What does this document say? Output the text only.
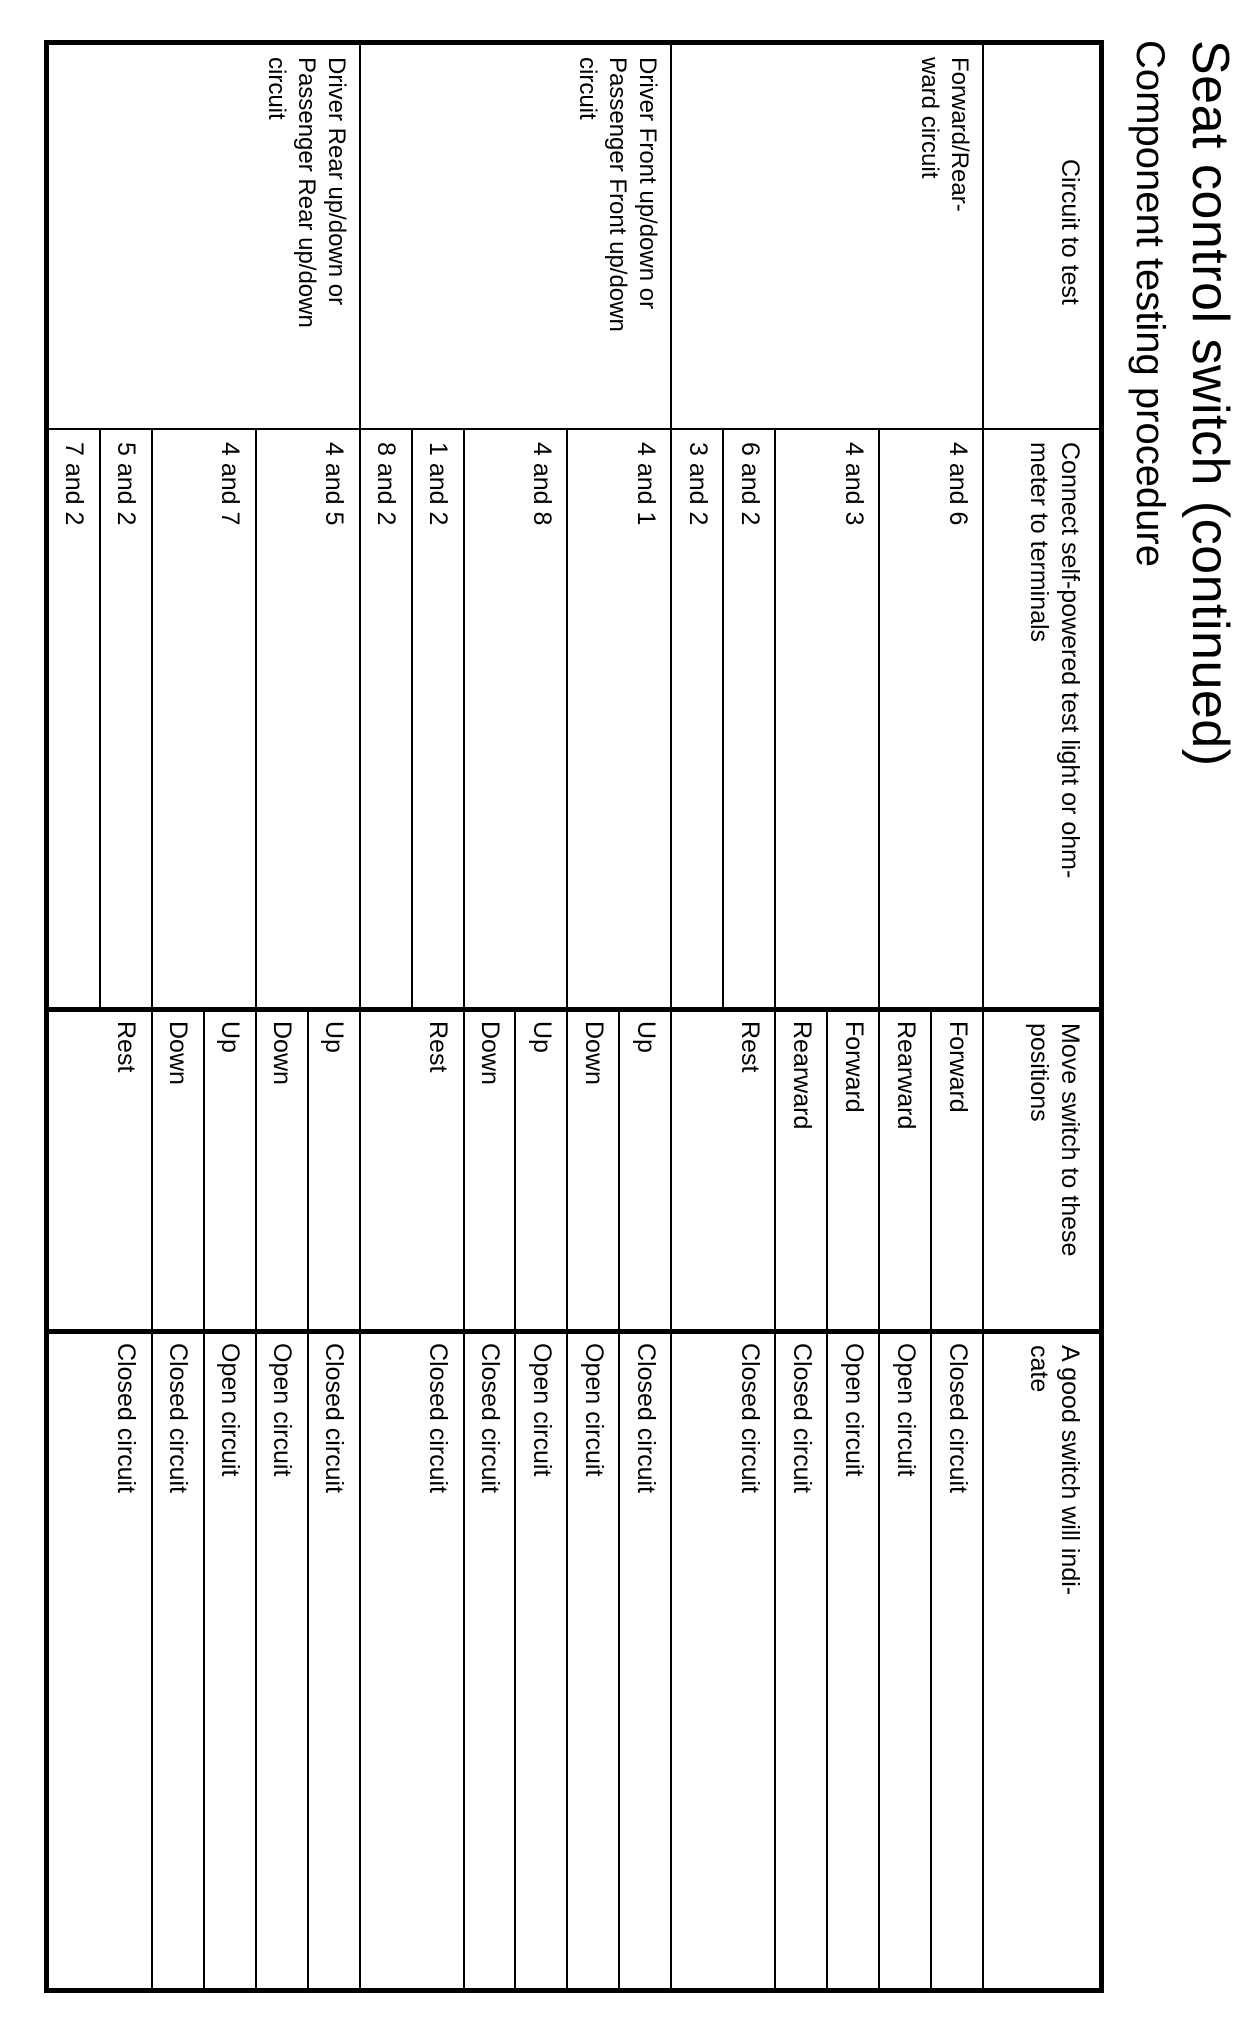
Seat control switch (continued)
Component testing procedure
Circuit to test
Connect self-powered test light or ohm-
meter to terminals
Move switch to these
positions
A good switch will indi-
cate
Forward/Rear-
ward circuit
Driver Front up/down or
Passenger Front up/down
circuit
Driver Rear up/down or
Passenger Rear up/down
circuit
4 and 6
Forward
Closed circuit
Rearward
Open circuit
4 and 3
Forward
Open circuit
Rearward
Closed circuit
6 and 2
Rest
Closed circuit
3 and 2
4 and 1
Up
Closed circuit
Down
Open circuit
4 and 8
Up
Open circuit
Down
Closed circuit
1 and 2
Rest
Closed circuit
8 and 2
4 and 5
Up
Closed circuit
Down
Open circuit
4 and 7
Up
Open circuit
Down
Closed circuit
5 and 2
Rest
Closed circuit
7 and 2
